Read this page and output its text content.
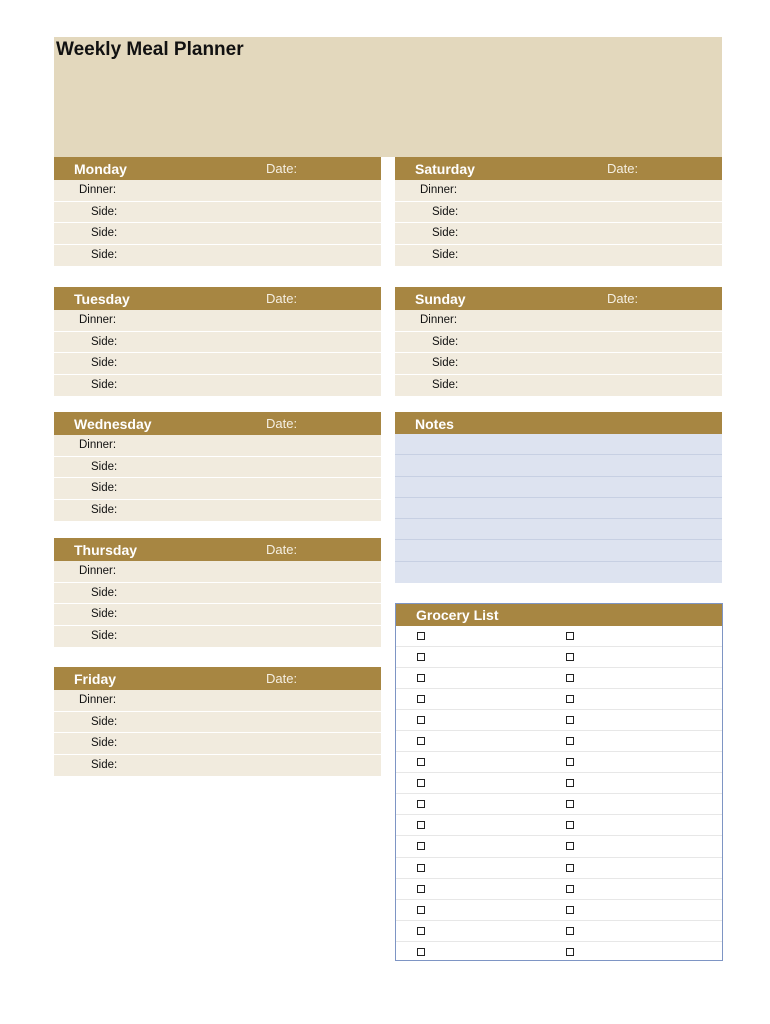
Weekly Meal Planner
Monday	Date:
Dinner:
Side:
Side:
Side:
Tuesday	Date:
Dinner:
Side:
Side:
Side:
Wednesday	Date:
Dinner:
Side:
Side:
Side:
Thursday	Date:
Dinner:
Side:
Side:
Side:
Friday	Date:
Dinner:
Side:
Side:
Side:
Saturday	Date:
Dinner:
Side:
Side:
Side:
Sunday	Date:
Dinner:
Side:
Side:
Side:
Notes
Grocery List
